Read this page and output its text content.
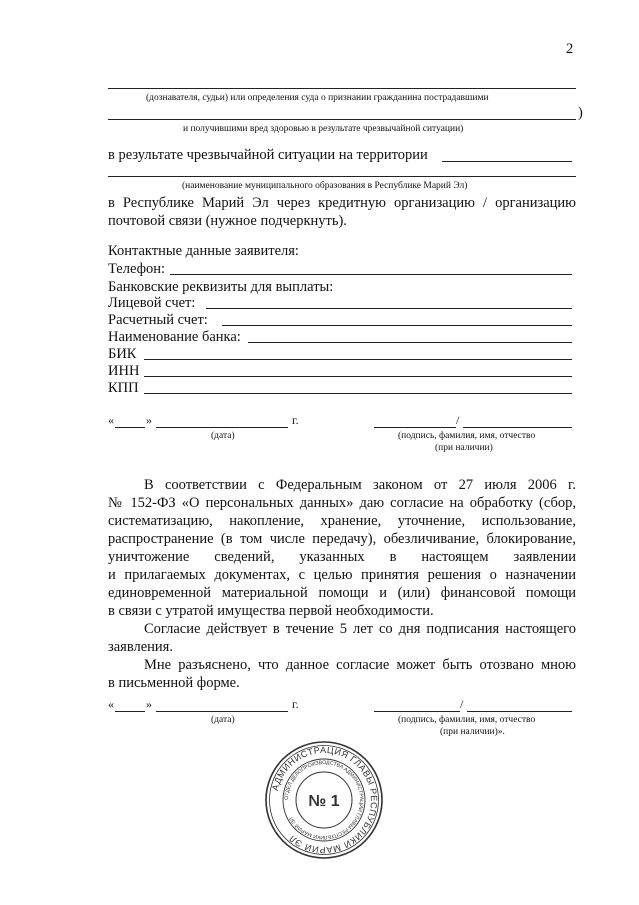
2
(дознавателя, судьи) или определения суда о признании гражданина пострадавшими
)
и получившими вред здоровью в результате чрезвычайной ситуации)
в результате чрезвычайной ситуации на территории
(наименование муниципального образования в Республике Марий Эл)
в Республике Марий Эл через кредитную организацию / организацию
почтовой связи (нужное подчеркнуть).
Контактные данные заявителя:
Телефон:
Банковские реквизиты для выплаты:
Лицевой счет:
Расчетный счет:
Наименование банка:
БИК
ИНН
КПП
«	»	г.	/
(дата)	(подпись, фамилия, имя, отчество
(при наличии)
В соответствии с Федеральным законом от 27 июля 2006 г.
№ 152-ФЗ «О персональных данных» даю согласие на обработку (сбор,
систематизацию, накопление, хранение, уточнение, использование,
распространение (в том числе передачу), обезличивание, блокирование,
уничтожение сведений, указанных в настоящем заявлении
и прилагаемых документах, с целью принятия решения о назначении
единовременной материальной помощи и (или) финансовой помощи
в связи с утратой имущества первой необходимости.
Согласие действует в течение 5 лет со дня подписания настоящего
заявления.
Мне разъяснено, что данное согласие может быть отозвано мною
в письменной форме.
«	»	г.	/
(дата)	(подпись, фамилия, имя, отчество
(при наличии)».
АДМИНИСТРАЦИЯ ГЛАВЫ РЕСПУБЛИКИ МАРИЙ ЭЛ
ОТДЕЛ ДЕЛОПРОИЗВОДСТВА АДМИНИСТРАЦИИ ГЛАВЫ РЕСПУБЛИКИ МАРИЙ ЭЛ
№ 1
